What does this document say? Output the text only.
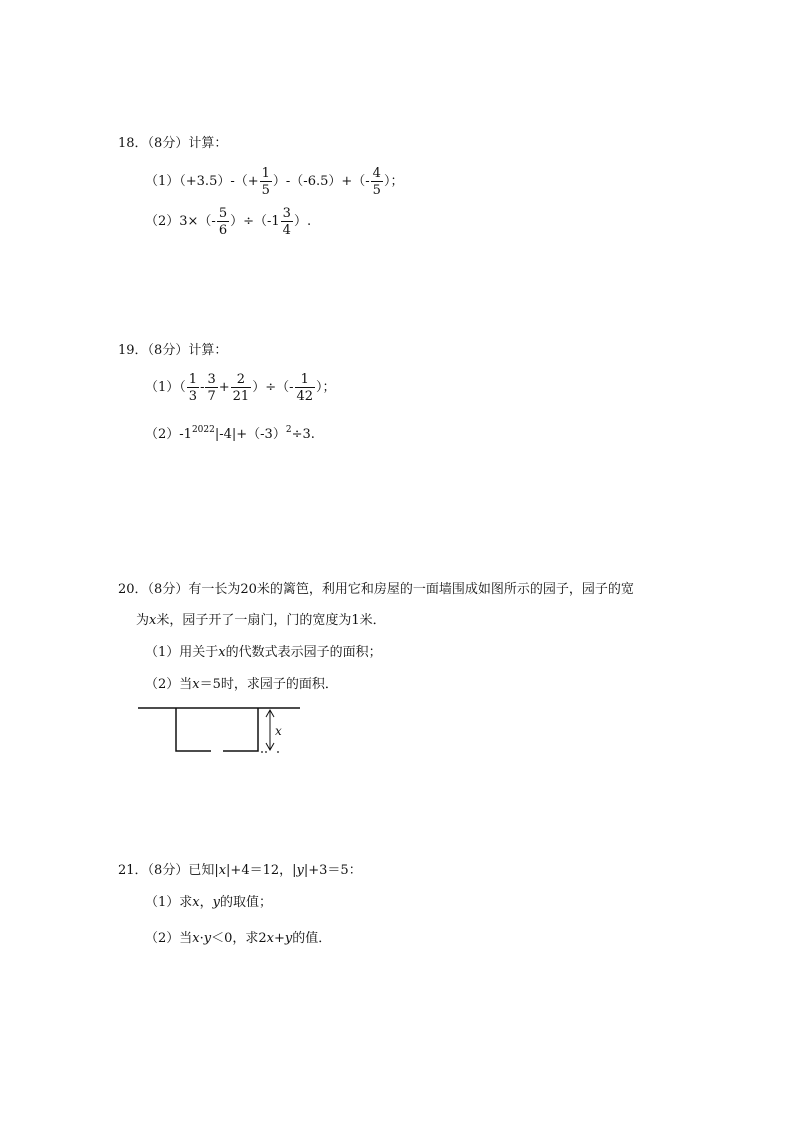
18．（8分）计算：
$(1)(+3.5)-(+ \frac{1}{5} )-(-6.5)+(- \frac{4}{5}$ ）；
$(2)3\times(- \frac{5}{6} )\div(-1 \frac{3}{4}$ ）.
19．（8分）计算：
$(1)( \frac{1}{3} - \frac{3}{7} + \frac{2}{21}$ ）÷（- $\frac{1}{42}$ ）；
$(2)-1^{2022}|-4|+(-3)^2\div 3$.
20．（8分）有一长为20米的篱笆，利用它和房屋的一面墙围成如图所示的园子，园子的宽
为x米，园子开了一扇门，门的宽度为1米．
（1）用关于x的代数式表示园子的面积；
（2）当x＝5时，求园子的面积．
x
21．（8分）已知|x|+4＝12，|y|+3＝5：
（1）求x，y的取值；
（2）当x·y＜0，求2x+y的值．
